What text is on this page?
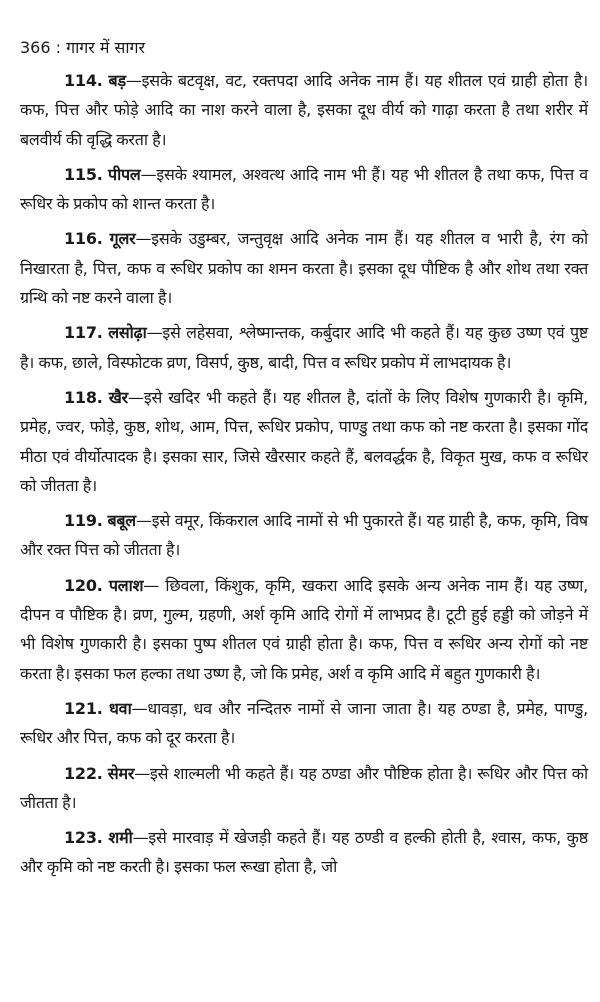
366 : गागर में सागर

114. बड़—इसके बटवृक्ष, वट, रक्तपदा आदि अनेक नाम हैं। यह शीतल एवं ग्राही होता है। कफ, पित्त और फोड़े आदि का नाश करने वाला है, इसका दूध वीर्य को गाढ़ा करता है तथा शरीर में बलवीर्य की वृद्धि करता है।

115. पीपल—इसके श्यामल, अश्वत्थ आदि नाम भी हैं। यह भी शीतल है तथा कफ, पित्त व रूधिर के प्रकोप को शान्त करता है।

116. गूलर—इसके उडुम्बर, जन्तुवृक्ष आदि अनेक नाम हैं। यह शीतल व भारी है, रंग को निखारता है, पित्त, कफ व रूधिर प्रकोप का शमन करता है। इसका दूध पौष्टिक है और शोथ तथा रक्त ग्रन्थि को नष्ट करने वाला है।

117. लसोढ़ा—इसे लहेसवा, श्लेष्मान्तक, कर्बुदार आदि भी कहते हैं। यह कुछ उष्ण एवं पुष्ट है। कफ, छाले, विस्फोटक व्रण, विसर्प, कुष्ठ, बादी, पित्त व रूधिर प्रकोप में लाभदायक है।

118. खैर—इसे खदिर भी कहते हैं। यह शीतल है, दांतों के लिए विशेष गुणकारी है। कृमि, प्रमेह, ज्वर, फोड़े, कुष्ठ, शोथ, आम, पित्त, रूधिर प्रकोप, पाण्डु तथा कफ को नष्ट करता है। इसका गोंद मीठा एवं वीर्योत्पादक है। इसका सार, जिसे खैरसार कहते हैं, बलवर्द्धक है, विकृत मुख, कफ व रूधिर को जीतता है।

119. बबूल—इसे वमूर, किंकराल आदि नामों से भी पुकारते हैं। यह ग्राही है, कफ, कृमि, विष और रक्त पित्त को जीतता है।

120. पलाश— छिवला, किंशुक, कृमि, खकरा आदि इसके अन्य अनेक नाम हैं। यह उष्ण, दीपन व पौष्टिक है। व्रण, गुल्म, ग्रहणी, अर्श कृमि आदि रोगों में लाभप्रद है। टूटी हुई हड्डी को जोड़ने में भी विशेष गुणकारी है। इसका पुष्प शीतल एवं ग्राही होता है। कफ, पित्त व रूधिर अन्य रोगों को नष्ट करता है। इसका फल हल्का तथा उष्ण है, जो कि प्रमेह, अर्श व कृमि आदि में बहुत गुणकारी है।

121. धवा—धावड़ा, धव और नन्दितरु नामों से जाना जाता है। यह ठण्डा है, प्रमेह, पाण्डु, रूधिर और पित्त, कफ को दूर करता है।

122. सेमर—इसे शाल्मली भी कहते हैं। यह ठण्डा और पौष्टिक होता है। रूधिर और पित्त को जीतता है।

123. शमी—इसे मारवाड़ में खेजड़ी कहते हैं। यह ठण्डी व हल्की होती है, श्वास, कफ, कुष्ठ और कृमि को नष्ट करती है। इसका फल रूखा होता है, जो
